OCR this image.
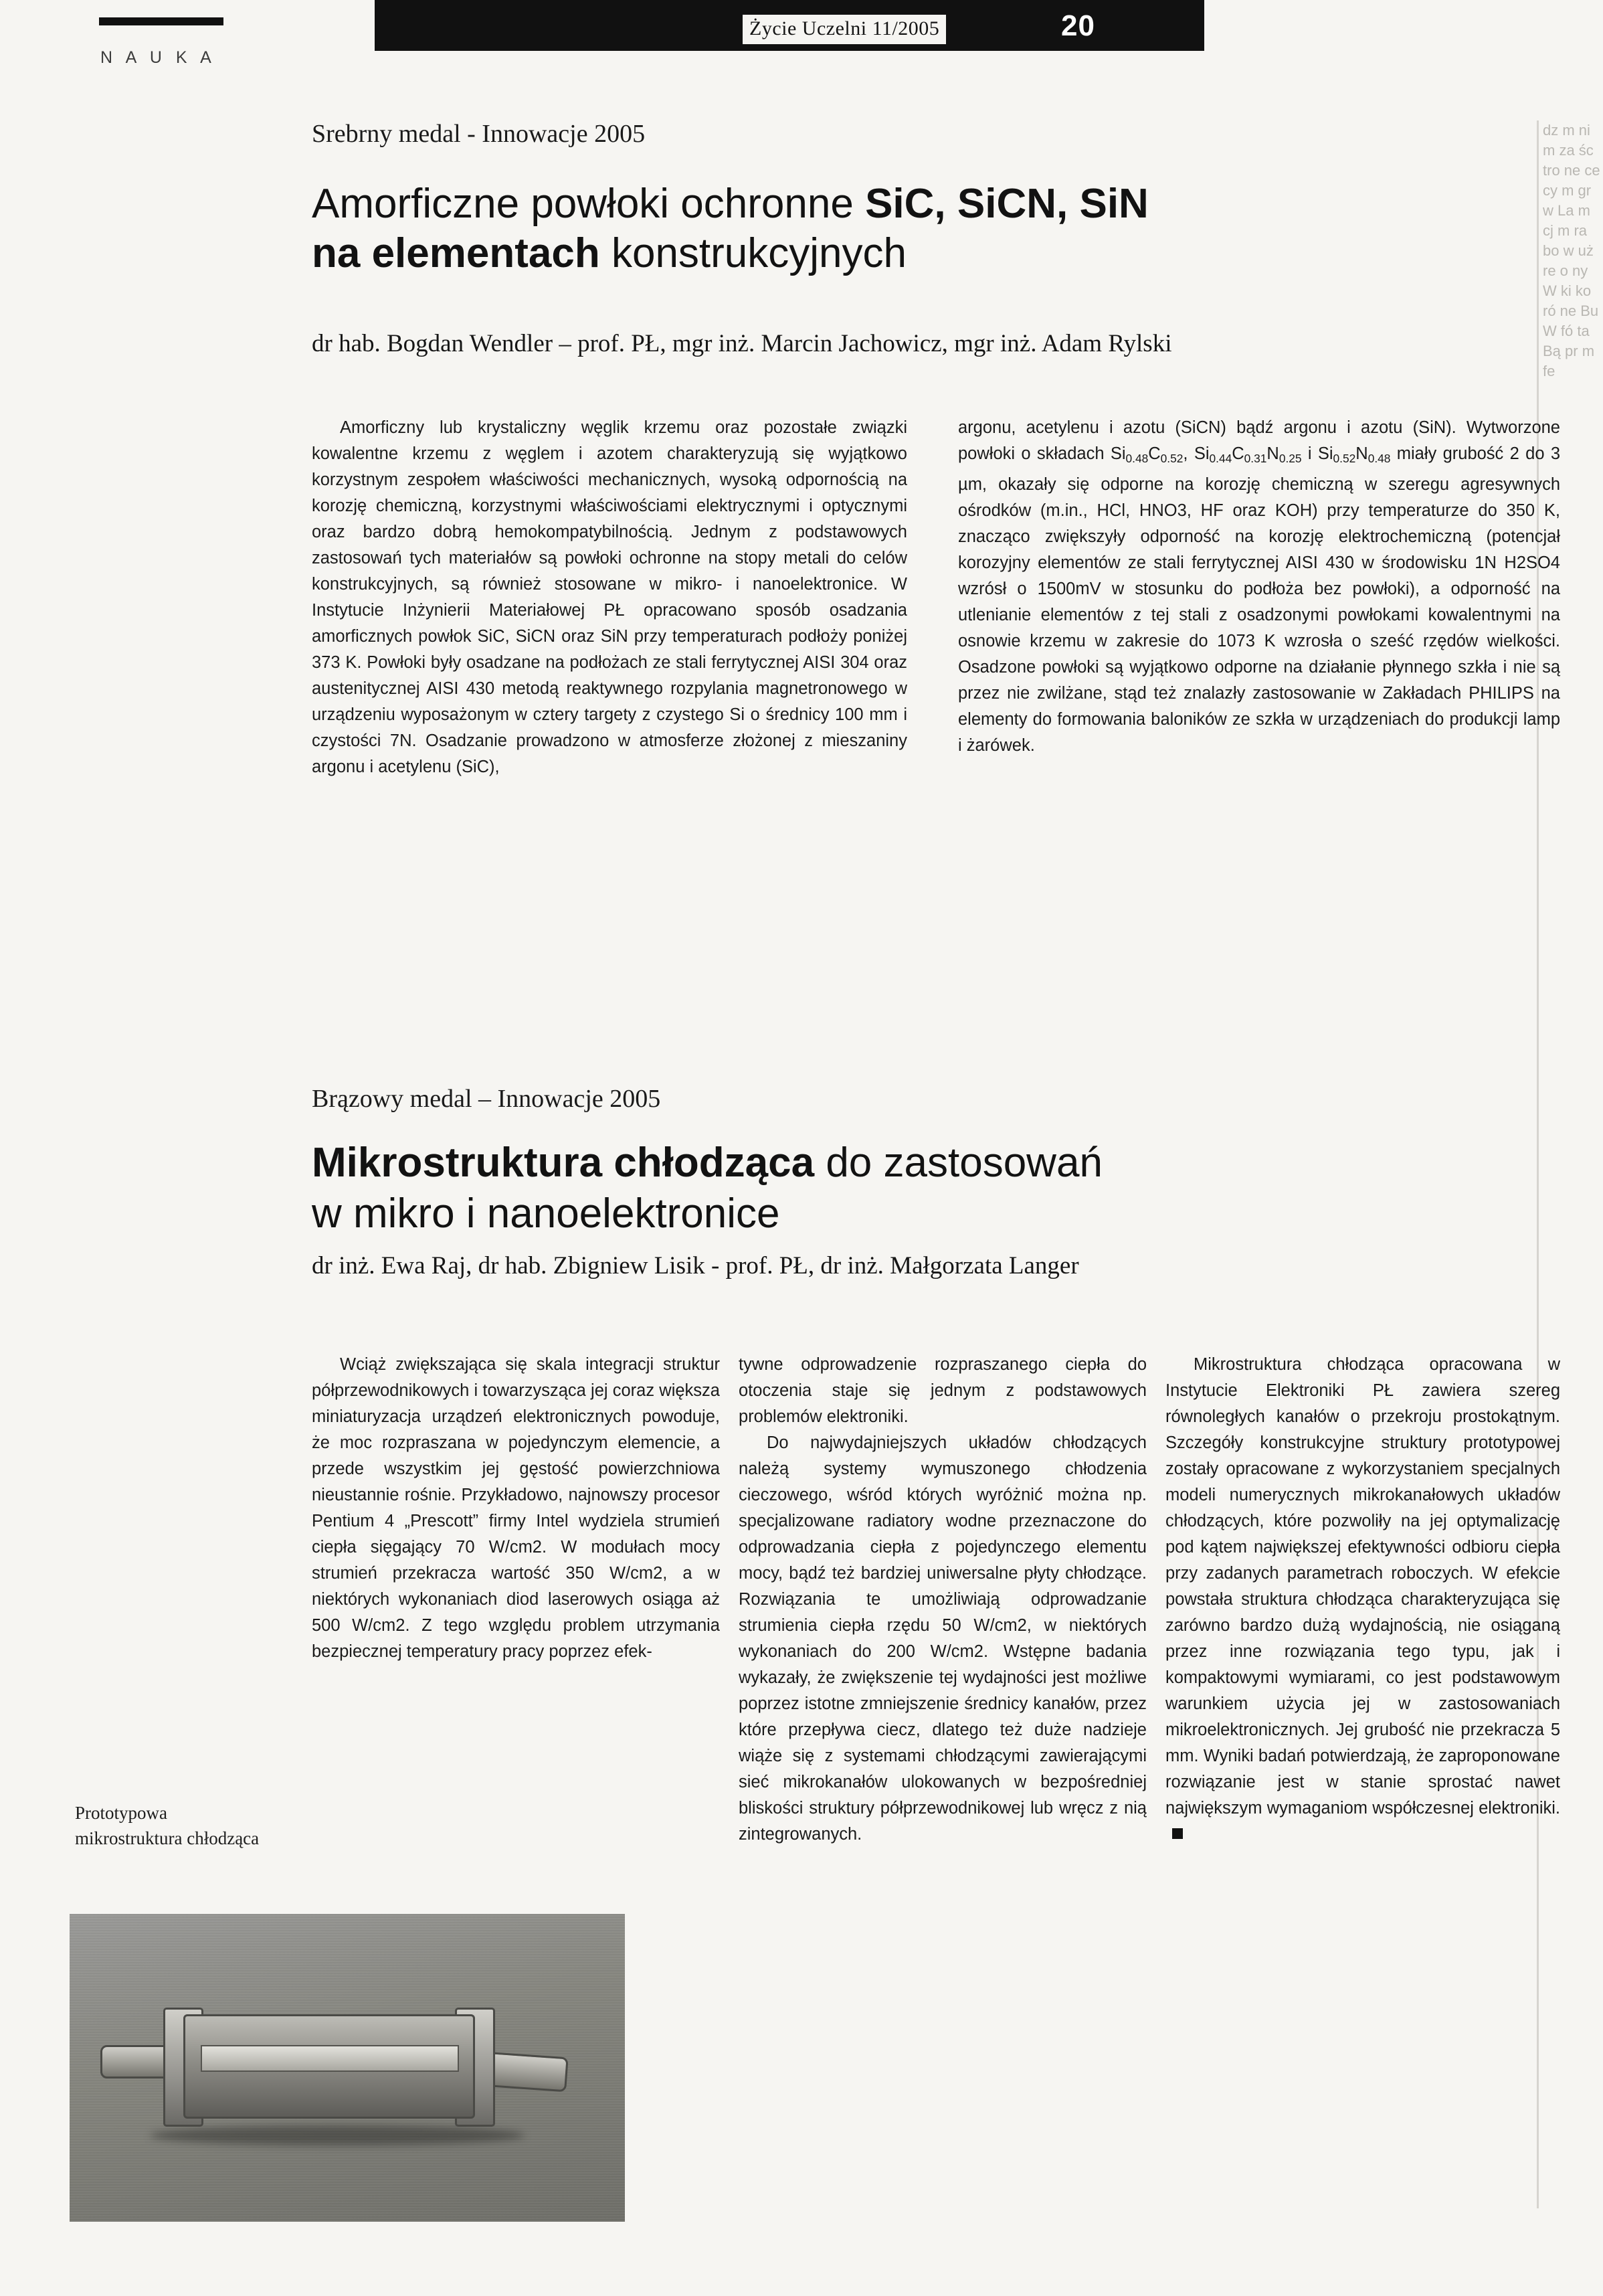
N A U K A
Życie Uczelni 11/2005	20
dz m ni m za śc tro ne ce cy m gr w La m cj m ra bo w uż re o ny W ki ko ró ne Bu W fó ta Bą pr m fe
Srebrny medal - Innowacje 2005
Amorficzne powłoki ochronne SiC, SiCN, SiN
na elementach konstrukcyjnych
dr hab. Bogdan Wendler – prof. PŁ, mgr inż. Marcin Jachowicz, mgr inż. Adam Rylski

Amorficzny lub krystaliczny węglik krzemu oraz pozostałe związki kowalentne krzemu z węglem i azotem charakteryzują się wyjątkowo korzystnym zespołem właściwości mechanicznych, wysoką odpornością na korozję chemiczną, korzystnymi właściwościami elektrycznymi i optycznymi oraz bardzo dobrą hemokompatybilnością. Jednym z podstawowych zastosowań tych materiałów są powłoki ochronne na stopy metali do celów konstrukcyjnych, są również stosowane w mikro- i nanoelektronice. W Instytucie Inżynierii Materiałowej PŁ opracowano sposób osadzania amorficznych powłok SiC, SiCN oraz SiN przy temperaturach podłoży poniżej 373 K. Powłoki były osadzane na podłożach ze stali ferrytycznej AISI 304 oraz austenitycznej AISI 430 metodą reaktywnego rozpylania magnetronowego w urządzeniu wyposażonym w cztery targety z czystego Si o średnicy 100 mm i czystości 7N. Osadzanie prowadzono w atmosferze złożonej z mieszaniny argonu i acetylenu (SiC),

argonu, acetylenu i azotu (SiCN) bądź argonu i azotu (SiN). Wytworzone powłoki o składach $Si_{0.48}C_{0.52}$, $Si_{0.44}C_{0.31}N_{0.25}$ i $Si_{0.52}N_{0.48}$ miały grubość 2 do 3 µm, okazały się odporne na korozję chemiczną w szeregu agresywnych ośrodków (m.in., HCl, HNO3, HF oraz KOH) przy temperaturze do 350 K, znacząco zwiększyły odporność na korozję elektrochemiczną (potencjał korozyjny elementów ze stali ferrytycznej AISI 430 w środowisku 1N H2SO4 wzrósł o 1500mV w stosunku do podłoża bez powłoki), a odporność na utlenianie elementów z tej stali z osadzonymi powłokami kowalentnymi na osnowie krzemu w zakresie do 1073 K wzrosła o sześć rzędów wielkości. Osadzone powłoki są wyjątkowo odporne na działanie płynnego szkła i nie są przez nie zwilżane, stąd też znalazły zastosowanie w Zakładach PHILIPS na elementy do formowania baloników ze szkła w urządzeniach do produkcji lamp i żarówek.

Brązowy medal – Innowacje 2005
Mikrostruktura chłodząca do zastosowań
w mikro i nanoelektronice
dr inż. Ewa Raj, dr hab. Zbigniew Lisik - prof. PŁ, dr inż. Małgorzata Langer

Wciąż zwiększająca się skala integracji struktur półprzewodnikowych i towarzysząca jej coraz większa miniaturyzacja urządzeń elektronicznych powoduje, że moc rozpraszana w pojedynczym elemencie, a przede wszystkim jej gęstość powierzchniowa nieustannie rośnie. Przykładowo, najnowszy procesor Pentium 4 „Prescott” firmy Intel wydziela strumień ciepła sięgający 70 W/cm2. W modułach mocy strumień przekracza wartość 350 W/cm2, a w niektórych wykonaniach diod laserowych osiąga aż 500 W/cm2. Z tego względu problem utrzymania bezpiecznej temperatury pracy poprzez efek-

tywne odprowadzenie rozpraszanego ciepła do otoczenia staje się jednym z podstawowych problemów elektroniki.

Do najwydajniejszych układów chłodzących należą systemy wymuszonego chłodzenia cieczowego, wśród których wyróżnić można np. specjalizowane radiatory wodne przeznaczone do odprowadzania ciepła z pojedynczego elementu mocy, bądź też bardziej uniwersalne płyty chłodzące. Rozwiązania te umożliwiają odprowadzanie strumienia ciepła rzędu 50 W/cm2, w niektórych wykonaniach do 200 W/cm2. Wstępne badania wykazały, że zwiększenie tej wydajności jest możliwe poprzez istotne zmniejszenie średnicy kanałów, przez które przepływa ciecz, dlatego też duże nadzieje wiąże się z systemami chłodzącymi zawierającymi sieć mikrokanałów ulokowanych w bezpośredniej bliskości struktury półprzewodnikowej lub wręcz z nią zintegrowanych.

Mikrostruktura chłodząca opracowana w Instytucie Elektroniki PŁ zawiera szereg równoległych kanałów o przekroju prostokątnym. Szczegóły konstrukcyjne struktury prototypowej zostały opracowane z wykorzystaniem specjalnych modeli numerycznych mikrokanałowych układów chłodzących, które pozwoliły na jej optymalizację pod kątem największej efektywności odbioru ciepła przy zadanych parametrach roboczych. W efekcie powstała struktura chłodząca charakteryzująca się zarówno bardzo dużą wydajnością, nie osiąganą przez inne rozwiązania tego typu, jak i kompaktowymi wymiarami, co jest podstawowym warunkiem użycia jej w zastosowaniach mikroelektronicznych. Jej grubość nie przekracza 5 mm. Wyniki badań potwierdzają, że zaproponowane rozwiązanie jest w stanie sprostać nawet największym wymaganiom współczesnej elektroniki.

Prototypowa mikrostruktura chłodząca
